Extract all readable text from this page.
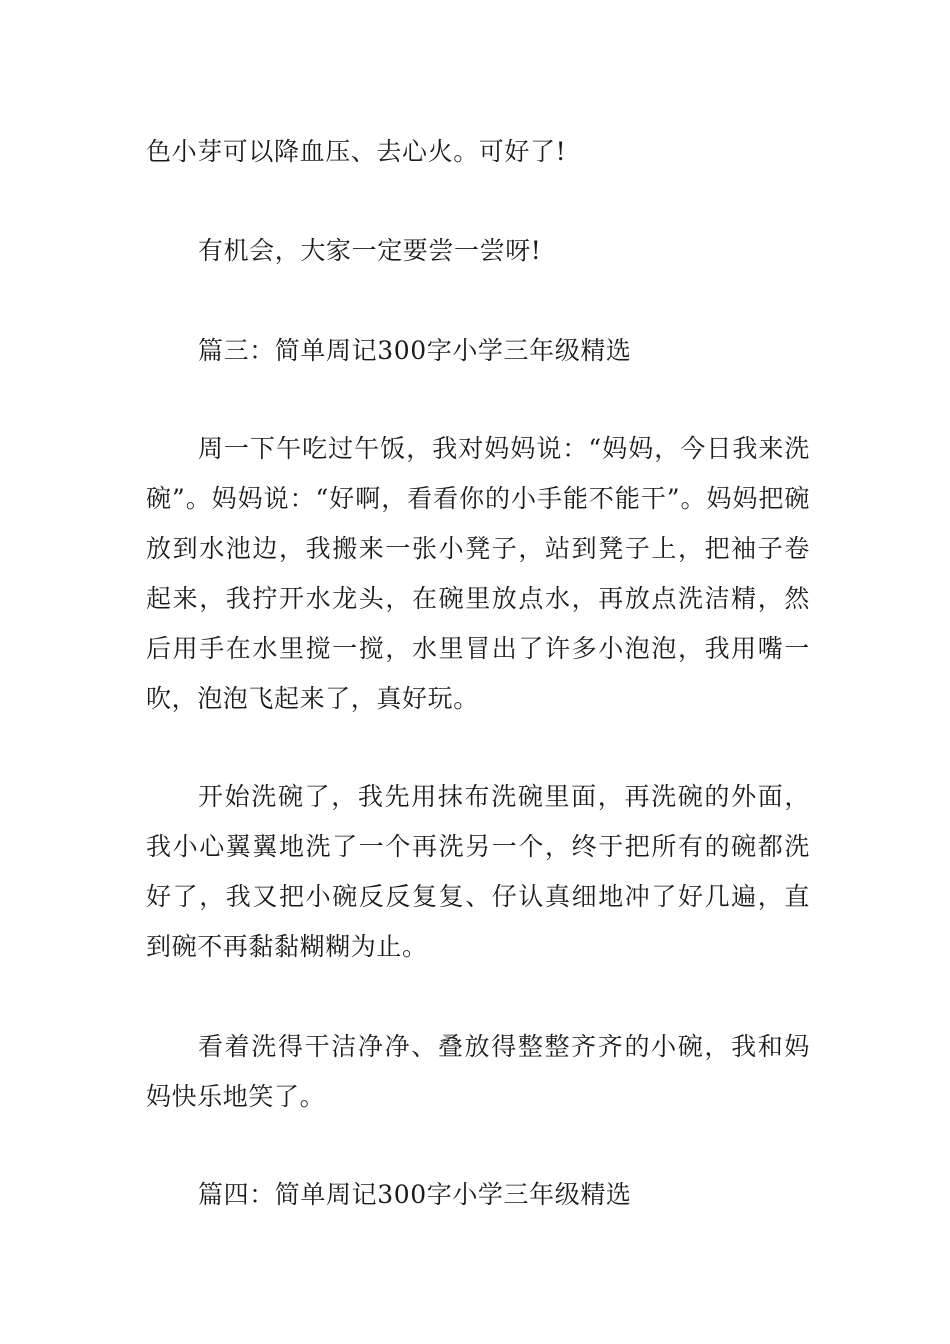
色小芽可以降血压、去心火。可好了!

有机会，大家一定要尝一尝呀!

篇三：简单周记300字小学三年级精选

周一下午吃过午饭，我对妈妈说：“妈妈，今日我来洗碗”。妈妈说：“好啊，看看你的小手能不能干”。妈妈把碗放到水池边，我搬来一张小凳子，站到凳子上，把袖子卷起来，我拧开水龙头，在碗里放点水，再放点洗洁精，然后用手在水里搅一搅，水里冒出了许多小泡泡，我用嘴一吹，泡泡飞起来了，真好玩。

开始洗碗了，我先用抹布洗碗里面，再洗碗的外面，我小心翼翼地洗了一个再洗另一个，终于把所有的碗都洗好了，我又把小碗反反复复、仔认真细地冲了好几遍，直到碗不再黏黏糊糊为止。

看着洗得干洁净净、叠放得整整齐齐的小碗，我和妈妈快乐地笑了。

篇四：简单周记300字小学三年级精选
